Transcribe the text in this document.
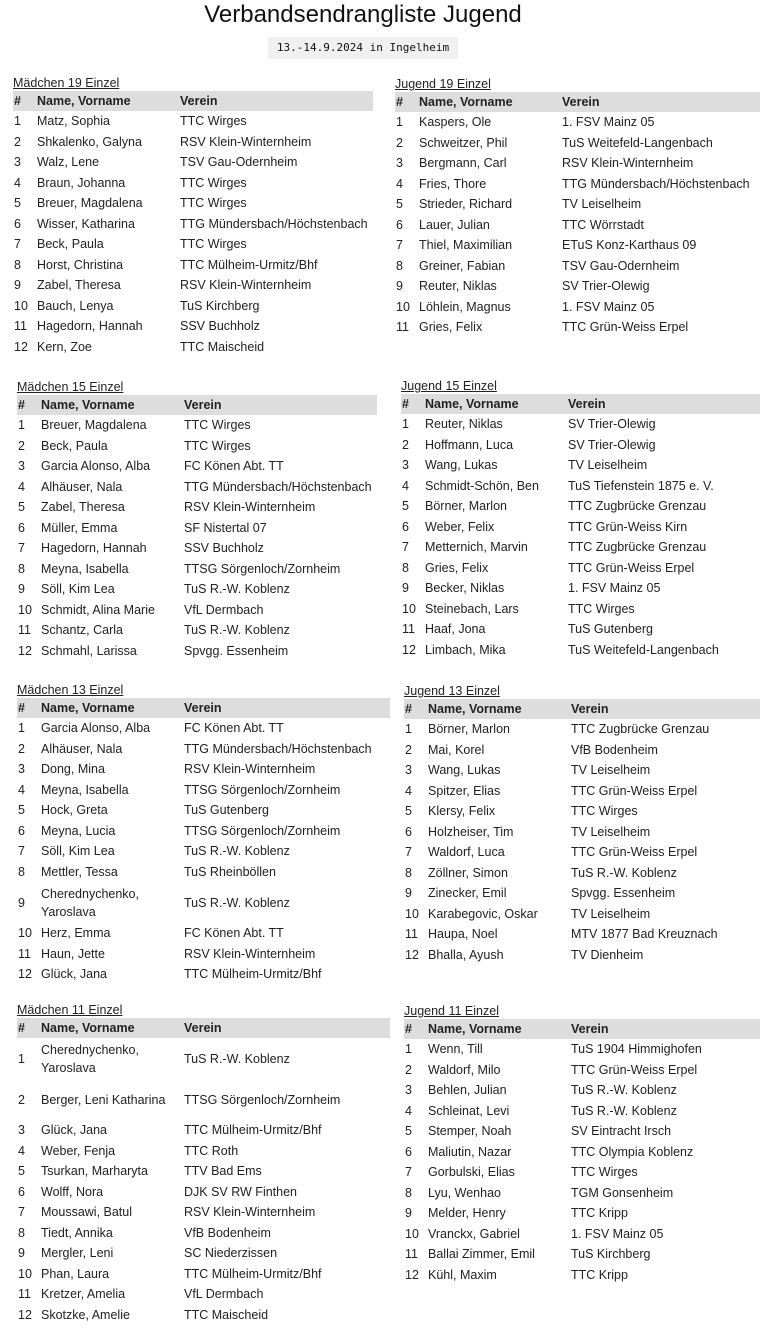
Verbandsendrangliste Jugend
13.-14.9.2024 in Ingelheim
Mädchen 19 Einzel
#	Name, Vorname	Verein
1	Matz, Sophia	TTC Wirges
2	Shkalenko, Galyna	RSV Klein-Winternheim
3	Walz, Lene	TSV Gau-Odernheim
4	Braun, Johanna	TTC Wirges
5	Breuer, Magdalena	TTC Wirges
6	Wisser, Katharina	TTG Mündersbach/Höchstenbach
7	Beck, Paula	TTC Wirges
8	Horst, Christina	TTC Mülheim-Urmitz/Bhf
9	Zabel, Theresa	RSV Klein-Winternheim
10	Bauch, Lenya	TuS Kirchberg
11	Hagedorn, Hannah	SSV Buchholz
12	Kern, Zoe	TTC Maischeid
Jugend 19 Einzel
#	Name, Vorname	Verein
1	Kaspers, Ole	1. FSV Mainz 05
2	Schweitzer, Phil	TuS Weitefeld-Langenbach
3	Bergmann, Carl	RSV Klein-Winternheim
4	Fries, Thore	TTG Mündersbach/Höchstenbach
5	Strieder, Richard	TV Leiselheim
6	Lauer, Julian	TTC Wörrstadt
7	Thiel, Maximilian	ETuS Konz-Karthaus 09
8	Greiner, Fabian	TSV Gau-Odernheim
9	Reuter, Niklas	SV Trier-Olewig
10	Löhlein, Magnus	1. FSV Mainz 05
11	Gries, Felix	TTC Grün-Weiss Erpel
Mädchen 15 Einzel
#	Name, Vorname	Verein
1	Breuer, Magdalena	TTC Wirges
2	Beck, Paula	TTC Wirges
3	Garcia Alonso, Alba	FC Könen Abt. TT
4	Alhäuser, Nala	TTG Mündersbach/Höchstenbach
5	Zabel, Theresa	RSV Klein-Winternheim
6	Müller, Emma	SF Nistertal 07
7	Hagedorn, Hannah	SSV Buchholz
8	Meyna, Isabella	TTSG Sörgenloch/Zornheim
9	Söll, Kim Lea	TuS R.-W. Koblenz
10	Schmidt, Alina Marie	VfL Dermbach
11	Schantz, Carla	TuS R.-W. Koblenz
12	Schmahl, Larissa	Spvgg. Essenheim
Jugend 15 Einzel
#	Name, Vorname	Verein
1	Reuter, Niklas	SV Trier-Olewig
2	Hoffmann, Luca	SV Trier-Olewig
3	Wang, Lukas	TV Leiselheim
4	Schmidt-Schön, Ben	TuS Tiefenstein 1875 e. V.
5	Börner, Marlon	TTC Zugbrücke Grenzau
6	Weber, Felix	TTC Grün-Weiss Kirn
7	Metternich, Marvin	TTC Zugbrücke Grenzau
8	Gries, Felix	TTC Grün-Weiss Erpel
9	Becker, Niklas	1. FSV Mainz 05
10	Steinebach, Lars	TTC Wirges
11	Haaf, Jona	TuS Gutenberg
12	Limbach, Mika	TuS Weitefeld-Langenbach
Mädchen 13 Einzel
#	Name, Vorname	Verein
1	Garcia Alonso, Alba	FC Könen Abt. TT
2	Alhäuser, Nala	TTG Mündersbach/Höchstenbach
3	Dong, Mina	RSV Klein-Winternheim
4	Meyna, Isabella	TTSG Sörgenloch/Zornheim
5	Hock, Greta	TuS Gutenberg
6	Meyna, Lucia	TTSG Sörgenloch/Zornheim
7	Söll, Kim Lea	TuS R.-W. Koblenz
8	Mettler, Tessa	TuS Rheinböllen
9	Cherednychenko, Yaroslava	TuS R.-W. Koblenz
10	Herz, Emma	FC Könen Abt. TT
11	Haun, Jette	RSV Klein-Winternheim
12	Glück, Jana	TTC Mülheim-Urmitz/Bhf
Jugend 13 Einzel
#	Name, Vorname	Verein
1	Börner, Marlon	TTC Zugbrücke Grenzau
2	Mai, Korel	VfB Bodenheim
3	Wang, Lukas	TV Leiselheim
4	Spitzer, Elias	TTC Grün-Weiss Erpel
5	Klersy, Felix	TTC Wirges
6	Holzheiser, Tim	TV Leiselheim
7	Waldorf, Luca	TTC Grün-Weiss Erpel
8	Zöllner, Simon	TuS R.-W. Koblenz
9	Zinecker, Emil	Spvgg. Essenheim
10	Karabegovic, Oskar	TV Leiselheim
11	Haupa, Noel	MTV 1877 Bad Kreuznach
12	Bhalla, Ayush	TV Dienheim
Mädchen 11 Einzel
#	Name, Vorname	Verein
1	Cherednychenko, Yaroslava	TuS R.-W. Koblenz
2	Berger, Leni Katharina	TTSG Sörgenloch/Zornheim
3	Glück, Jana	TTC Mülheim-Urmitz/Bhf
4	Weber, Fenja	TTC Roth
5	Tsurkan, Marharyta	TTV Bad Ems
6	Wolff, Nora	DJK SV RW Finthen
7	Moussawi, Batul	RSV Klein-Winternheim
8	Tiedt, Annika	VfB Bodenheim
9	Mergler, Leni	SC Niederzissen
10	Phan, Laura	TTC Mülheim-Urmitz/Bhf
11	Kretzer, Amelia	VfL Dermbach
12	Skotzke, Amelie	TTC Maischeid
Jugend 11 Einzel
#	Name, Vorname	Verein
1	Wenn, Till	TuS 1904 Himmighofen
2	Waldorf, Milo	TTC Grün-Weiss Erpel
3	Behlen, Julian	TuS R.-W. Koblenz
4	Schleinat, Levi	TuS R.-W. Koblenz
5	Stemper, Noah	SV Eintracht Irsch
6	Maliutin, Nazar	TTC Olympia Koblenz
7	Gorbulski, Elias	TTC Wirges
8	Lyu, Wenhao	TGM Gonsenheim
9	Melder, Henry	TTC Kripp
10	Vranckx, Gabriel	1. FSV Mainz 05
11	Ballai Zimmer, Emil	TuS Kirchberg
12	Kühl, Maxim	TTC Kripp
